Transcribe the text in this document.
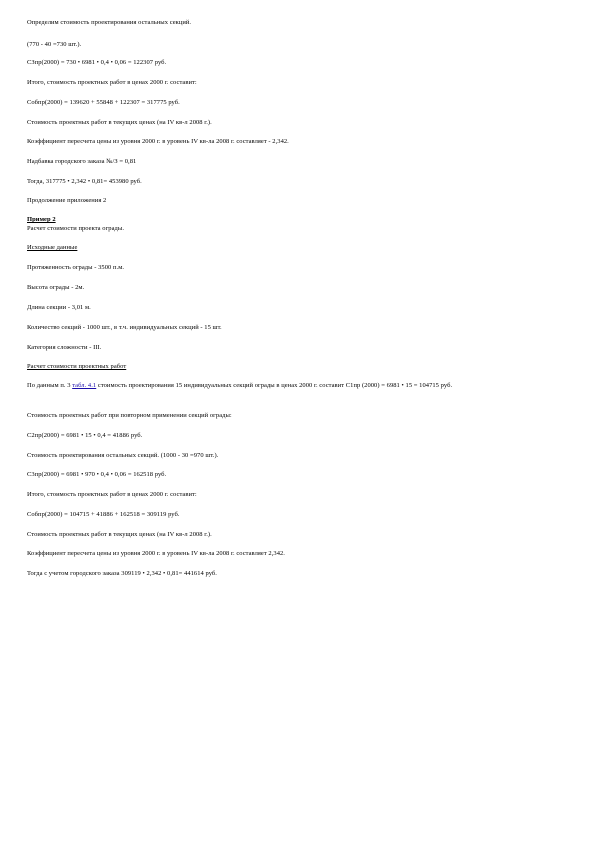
Определим стоимость проектирования остальных секций.
(770 - 40 =730 шт.).
СЗпр(2000) = 730 • 6981 • 0,4 • 0,06 = 122307 руб.
Итого, стоимость проектных работ в ценах 2000 г. составит:
Собпр(2000) = 139620 + 55848 + 122307 = 317775 руб.
Стоимость проектных работ в текущих ценах (на IV кв-л 2008 г.).
Коэффициент пересчета цены из уровня 2000 г. в уровень IV кв-ла 2008 г. составляет - 2,342.
Надбавка городского заказа №/З = 0,81
Тогда, 317775 • 2,342 • 0,81= 453980 руб.
Продолжение приложения 2
Пример 2
Расчет стоимости проекта ограды.
Исходные данные
Протяженность ограды - 3500 п.м.
Высота ограды - 2м.
Длина секции - 3,01 м.
Количество секций - 1000 шт., в т.ч. индивидуальных секций - 15 шт.
Категория сложности - III.
Расчет стоимости проектных работ
По данным п. 3 табл. 4.1 стоимость проектирования 15 индивидуальных секций ограды в ценах 2000 г. составит С1пр (2000) = 6981 • 15 = 104715 руб.
Стоимость проектных работ при повторном применении секций ограды:
С2пр(2000) = 6981 • 15 • 0,4 = 41886 руб.
Стоимость проектирования остальных секций. (1000 - 30 =970 шт.).
С3пр(2000) = 6981 • 970 • 0,4 • 0,06 = 162518 руб.
Итого, стоимость проектных работ в ценах 2000 г. составит:
Собпр(2000) = 104715 + 41886 + 162518 = 309119 руб.
Стоимость проектных работ в текущих ценах (на IV кв-л 2008 г.).
Коэффициент пересчета цены из уровня 2000 г. в уровень IV кв-ла 2008 г. составляет 2,342.
Тогда с учетом городского заказа 309119 • 2,342 • 0,81= 441614 руб.
